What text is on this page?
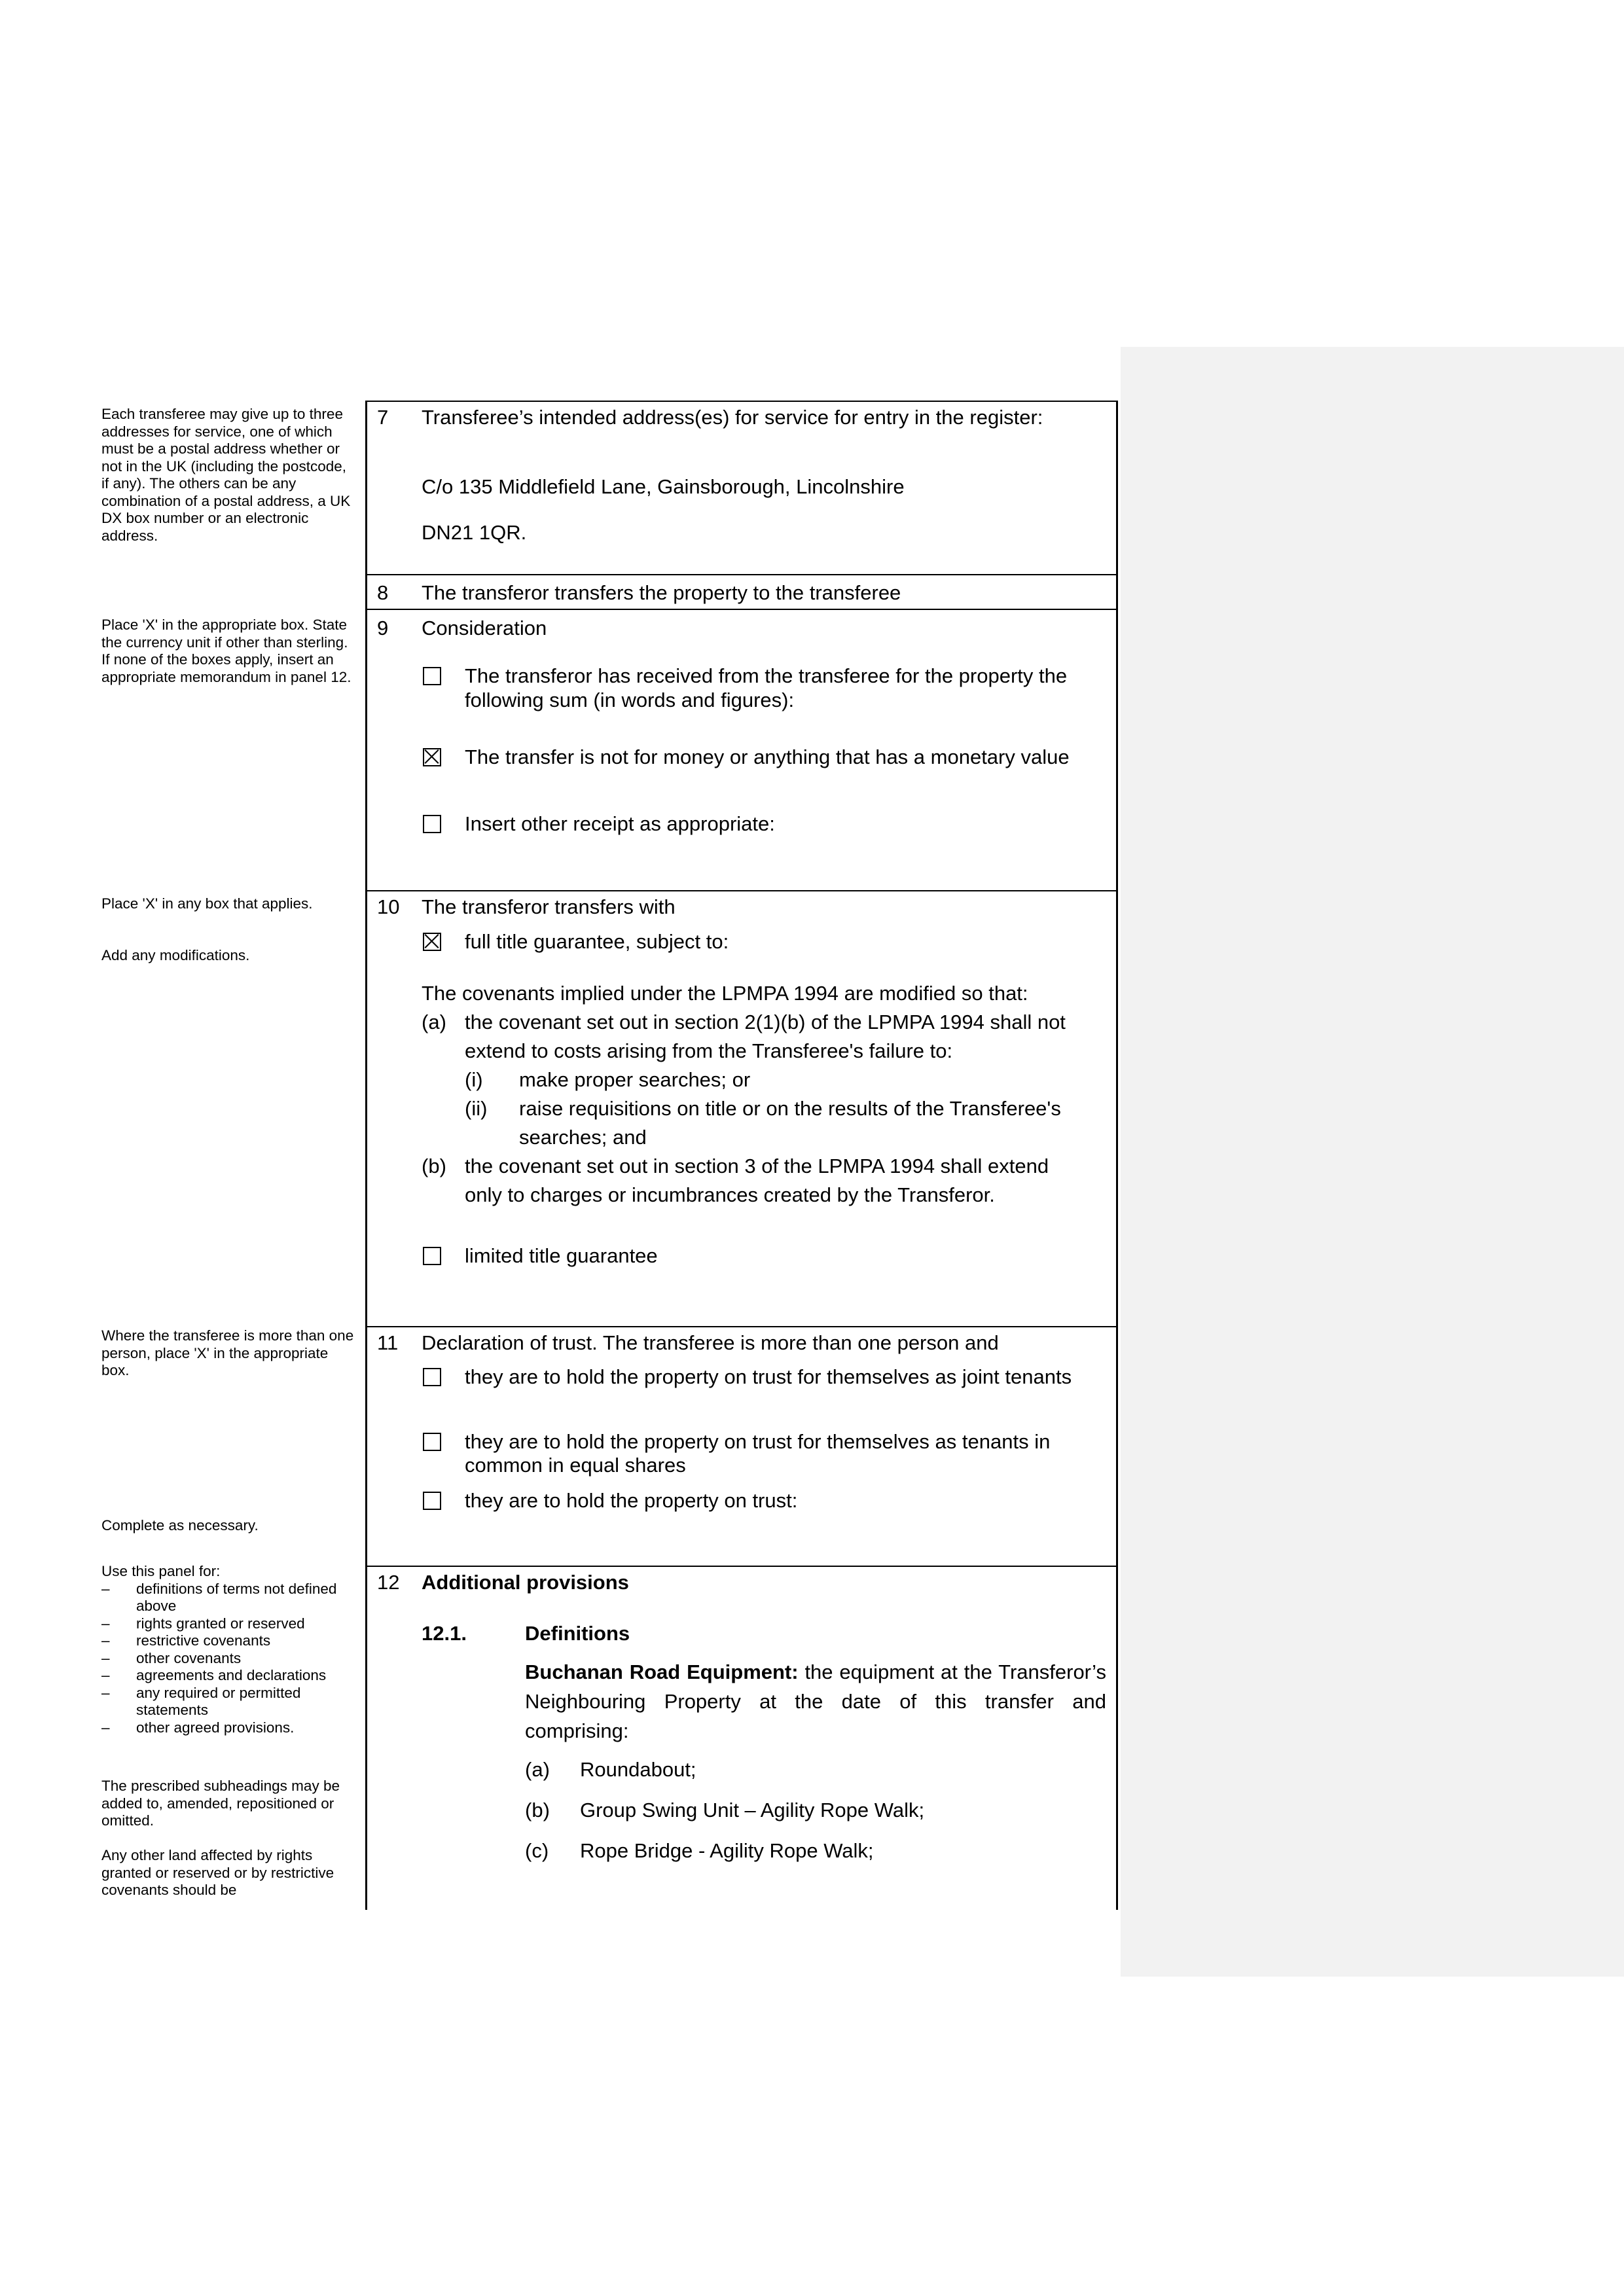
Each transferee may give up to three addresses for service, one of which must be a postal address whether or not in the UK (including the postcode, if any). The others can be any combination of a postal address, a UK DX box number or an electronic address.

Place 'X' in the appropriate box. State the currency unit if other than sterling. If none of the boxes apply, insert an appropriate memorandum in panel 12.

Place 'X' in any box that applies.

Add any modifications.

Where the transferee is more than one person, place 'X' in the appropriate box.

Complete as necessary.

Use this panel for:

–	definitions of terms not defined above
–	rights granted or reserved
–	restrictive covenants
–	other covenants
–	agreements and declarations
–	any required or permitted statements
–	other agreed provisions.

The prescribed subheadings may be added to, amended, repositioned or omitted.

Any other land affected by rights granted or reserved or by restrictive covenants should be

7 Transferee’s intended address(es) for service for entry in the register:
C/o 135 Middlefield Lane, Gainsborough, Lincolnshire
DN21 1QR.
8 The transferor transfers the property to the transferee
9 Consideration
The transferor has received from the transferee for the property the
following sum (in words and figures):
The transfer is not for money or anything that has a monetary value
Insert other receipt as appropriate:
10 The transferor transfers with
full title guarantee, subject to:
The covenants implied under the LPMPA 1994 are modified so that:
(a) the covenant set out in section 2(1)(b) of the LPMPA 1994 shall not
extend to costs arising from the Transferee's failure to:
(i) make proper searches; or
(ii) raise requisitions on title or on the results of the Transferee's
searches; and
(b) the covenant set out in section 3 of the LPMPA 1994 shall extend
only to charges or incumbrances created by the Transferor.
limited title guarantee
11 Declaration of trust. The transferee is more than one person and
they are to hold the property on trust for themselves as joint tenants
they are to hold the property on trust for themselves as tenants in
common in equal shares
they are to hold the property on trust:
12 Additional provisions
12.1.	Definitions
Buchanan Road Equipment: the equipment at the Transferor’s Neighbouring Property at the date of this transfer and comprising:
(a) Roundabout;
(b) Group Swing Unit – Agility Rope Walk;
(c) Rope Bridge - Agility Rope Walk;
